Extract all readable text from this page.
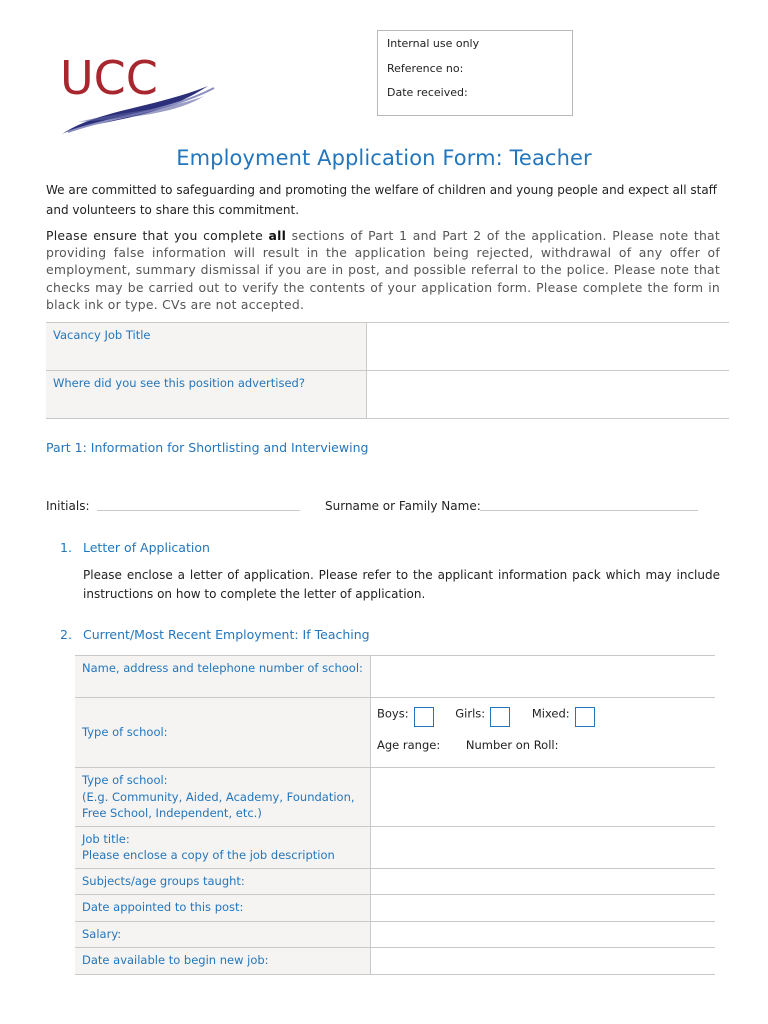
UCC
Internal use only
Reference no:
Date received:
Employment Application Form: Teacher
We are committed to safeguarding and promoting the welfare of children and young people and expect all staff and volunteers to share this commitment.
Please ensure that you complete all sections of Part 1 and Part 2 of the application. Please note that providing false information will result in the application being rejected, withdrawal of any offer of employment, summary dismissal if you are in post, and possible referral to the police. Please note that checks may be carried out to verify the contents of your application form. Please complete the form in black ink or type. CVs are not accepted.
Vacancy Job Title	
Where did you see this position advertised?	
Part 1: Information for Shortlisting and Interviewing
Initials:	Surname or Family Name:
1. Letter of Application
Please enclose a letter of application. Please refer to the applicant information pack which may include instructions on how to complete the letter of application.
2. Current/Most Recent Employment: If Teaching
Name, address and telephone number of school:	
Type of school:	Boys: Girls: Mixed:
Age range: Number on Roll:

Type of school:
(E.g. Community, Aided, Academy, Foundation, Free School, Independent, etc.)	

Job title:
Please enclose a copy of the job description	

Subjects/age groups taught:	
Date appointed to this post:	
Salary:	
Date available to begin new job:	
